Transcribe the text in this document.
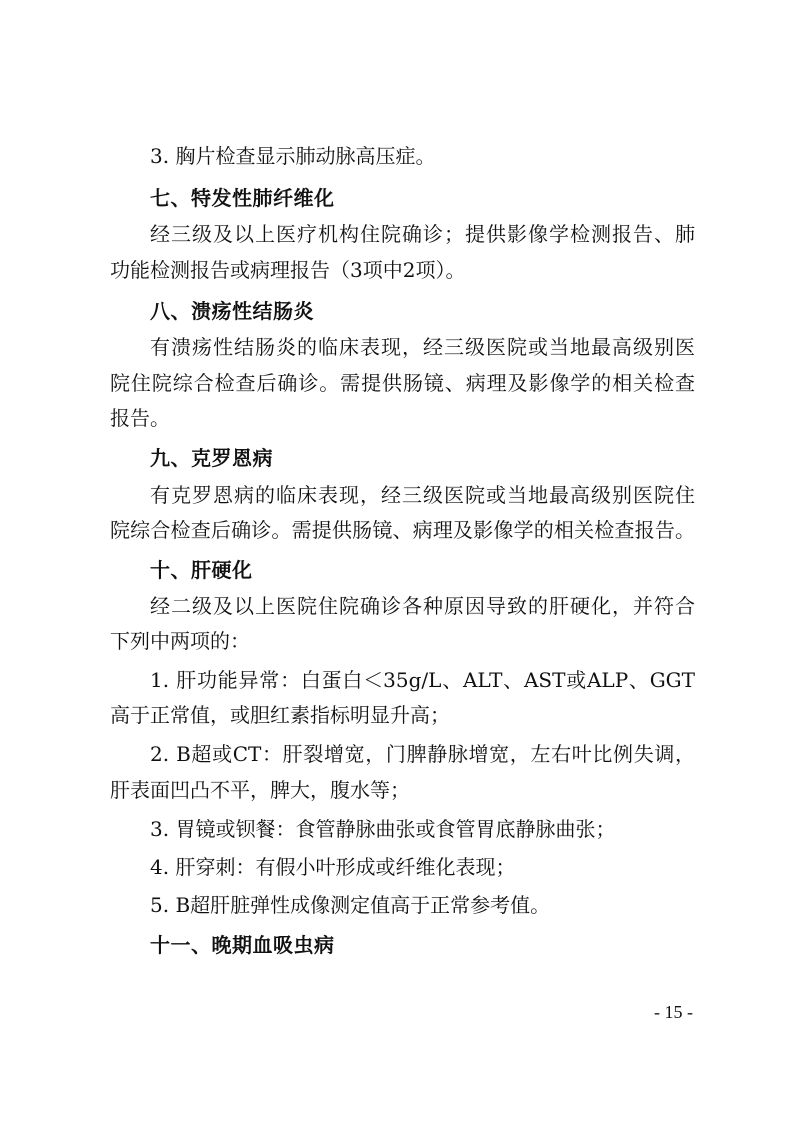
3. 胸片检查显示肺动脉高压症。
七、特发性肺纤维化
经三级及以上医疗机构住院确诊；提供影像学检测报告、肺
功能检测报告或病理报告（3项中2项）。
八、溃疡性结肠炎
有溃疡性结肠炎的临床表现，经三级医院或当地最高级别医
院住院综合检查后确诊。需提供肠镜、病理及影像学的相关检查
报告。
九、克罗恩病
有克罗恩病的临床表现，经三级医院或当地最高级别医院住
院综合检查后确诊。需提供肠镜、病理及影像学的相关检查报告。
十、肝硬化
经二级及以上医院住院确诊各种原因导致的肝硬化，并符合
下列中两项的：
1. 肝功能异常：白蛋白＜35g/L、ALT、AST或ALP、GGT
高于正常值，或胆红素指标明显升高；
2. B超或CT：肝裂增宽，门脾静脉增宽，左右叶比例失调，
肝表面凹凸不平，脾大，腹水等；
3. 胃镜或钡餐：食管静脉曲张或食管胃底静脉曲张；
4. 肝穿刺：有假小叶形成或纤维化表现；
5. B超肝脏弹性成像测定值高于正常参考值。
十一、晚期血吸虫病
- 15 -
